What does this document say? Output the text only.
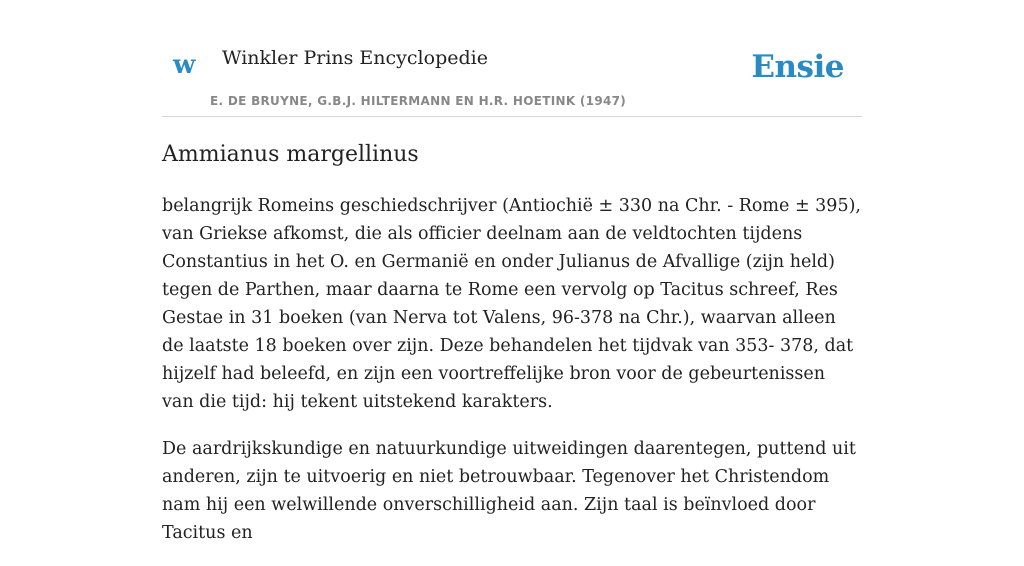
w Winkler Prins Encyclopedie
E. DE BRUYNE, G.B.J. HILTERMANN EN H.R. HOETINK (1947)
Ensie
Ammianus margellinus

belangrijk Romeins geschiedschrijver (Antiochië ± 330 na Chr. - Rome ± 395), van Griekse afkomst, die als officier deelnam aan de veldtochten tijdens Constantius in het O. en Germanië en onder Julianus de Afvallige (zijn held) tegen de Parthen, maar daarna te Rome een vervolg op Tacitus schreef, Res Gestae in 31 boeken (van Nerva tot Valens, 96-378 na Chr.), waarvan alleen de laatste 18 boeken over zijn. Deze behandelen het tijdvak van 353- 378, dat hijzelf had beleefd, en zijn een voortreffelijke bron voor de gebeurtenissen van die tijd: hij tekent uitstekend karakters.

De aardrijkskundige en natuurkundige uitweidingen daarentegen, puttend uit anderen, zijn te uitvoerig en niet betrouwbaar. Tegenover het Christendom nam hij een welwillende onverschilligheid aan. Zijn taal is beïnvloed door Tacitus en
